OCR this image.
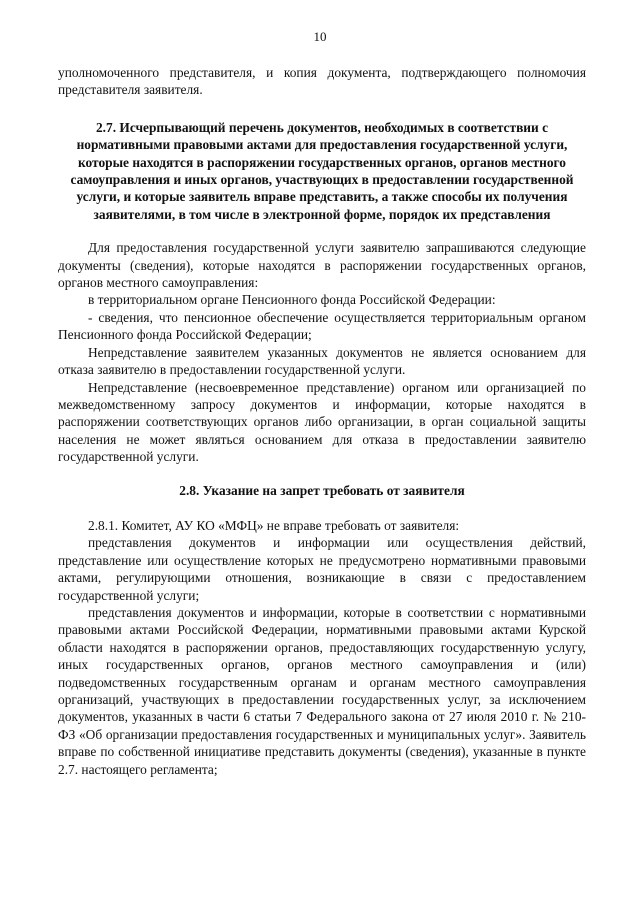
10

уполномоченного представителя, и копия документа, подтверждающего полномочия представителя заявителя.

2.7. Исчерпывающий перечень документов, необходимых в соответствии с нормативными правовыми актами для предоставления государственной услуги, которые находятся в распоряжении государственных органов, органов местного самоуправления и иных органов, участвующих в предоставлении государственной услуги, и которые заявитель вправе представить, а также способы их получения заявителями, в том числе в электронной форме, порядок их представления

Для предоставления государственной услуги заявителю запрашиваются следующие документы (сведения), которые находятся в распоряжении государственных органов, органов местного самоуправления:

в территориальном органе Пенсионного фонда Российской Федерации:

- сведения, что пенсионное обеспечение осуществляется территориальным органом Пенсионного фонда Российской Федерации;

Непредставление заявителем указанных документов не является основанием для отказа заявителю в предоставлении государственной услуги.

Непредставление (несвоевременное представление) органом или организацией по межведомственному запросу документов и информации, которые находятся в распоряжении соответствующих органов либо организации, в орган социальной защиты населения не может являться основанием для отказа в предоставлении заявителю государственной услуги.

2.8. Указание на запрет требовать от заявителя

2.8.1. Комитет, АУ КО «МФЦ» не вправе требовать от заявителя:

представления документов и информации или осуществления действий, представление или осуществление которых не предусмотрено нормативными правовыми актами, регулирующими отношения, возникающие в связи с предоставлением государственной услуги;

представления документов и информации, которые в соответствии с нормативными правовыми актами Российской Федерации, нормативными правовыми актами Курской области находятся в распоряжении органов, предоставляющих государственную услугу, иных государственных органов, органов местного самоуправления и (или) подведомственных государственным органам и органам местного самоуправления организаций, участвующих в предоставлении государственных услуг, за исключением документов, указанных в части 6 статьи 7 Федерального закона от 27 июля 2010 г. № 210-ФЗ «Об организации предоставления государственных и муниципальных услуг». Заявитель вправе по собственной инициативе представить документы (сведения), указанные в пункте 2.7. настоящего регламента;
